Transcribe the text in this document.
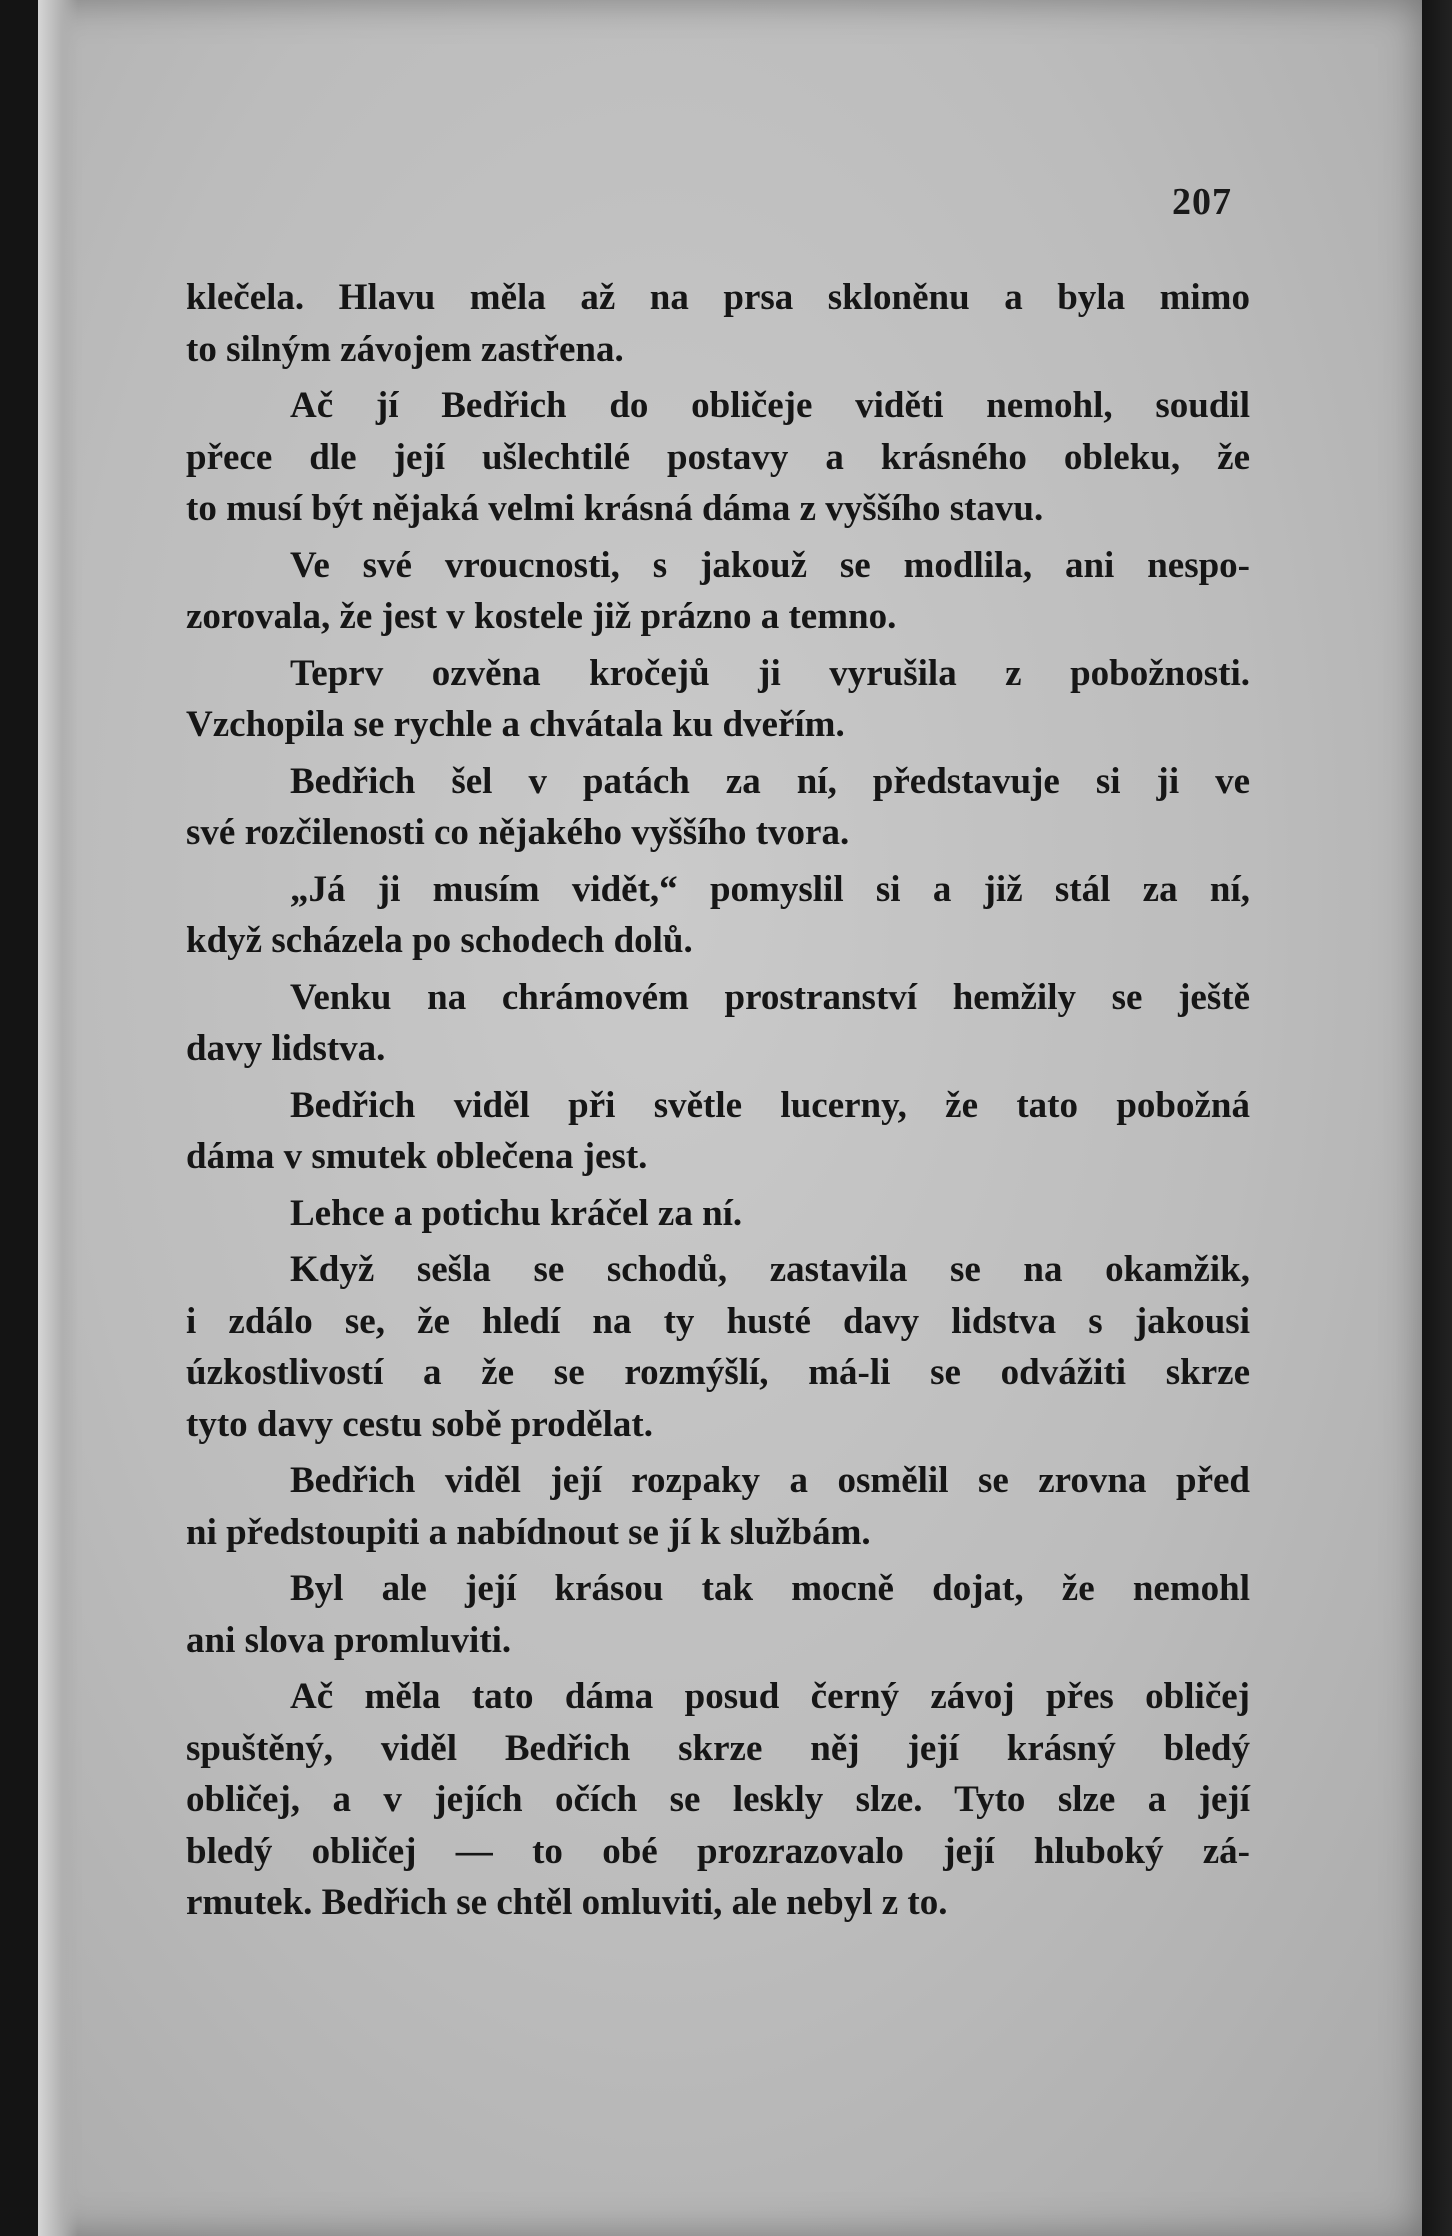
207
klečela. Hlavu měla až na prsa skloněnu a byla mimo
to silným závojem zastřena.
Ač jí Bedřich do obličeje viděti nemohl, soudil
přece dle její ušlechtilé postavy a krásného obleku, že
to musí být nějaká velmi krásná dáma z vyššího stavu.
Ve své vroucnosti, s jakouž se modlila, ani nespo-
zorovala, že jest v kostele již prázno a temno.
Teprv ozvěna kročejů ji vyrušila z pobožnosti.
Vzchopila se rychle a chvátala ku dveřím.
Bedřich šel v patách za ní, představuje si ji ve
své rozčilenosti co nějakého vyššího tvora.
„Já ji musím vidět,“ pomyslil si a již stál za ní,
když scházela po schodech dolů.
Venku na chrámovém prostranství hemžily se ještě
davy lidstva.
Bedřich viděl při světle lucerny, že tato pobožná
dáma v smutek oblečena jest.
Lehce a potichu kráčel za ní.
Když sešla se schodů, zastavila se na okamžik,
i zdálo se, že hledí na ty husté davy lidstva s jakousi
úzkostlivostí a že se rozmýšlí, má-li se odvážiti skrze
tyto davy cestu sobě prodělat.
Bedřich viděl její rozpaky a osmělil se zrovna před
ni předstoupiti a nabídnout se jí k službám.
Byl ale její krásou tak mocně dojat, že nemohl
ani slova promluviti.
Ač měla tato dáma posud černý závoj přes obličej
spuštěný, viděl Bedřich skrze něj její krásný bledý
obličej, a v jejích očích se leskly slze. Tyto slze a její
bledý obličej — to obé prozrazovalo její hluboký zá-
rmutek. Bedřich se chtěl omluviti, ale nebyl z to.
